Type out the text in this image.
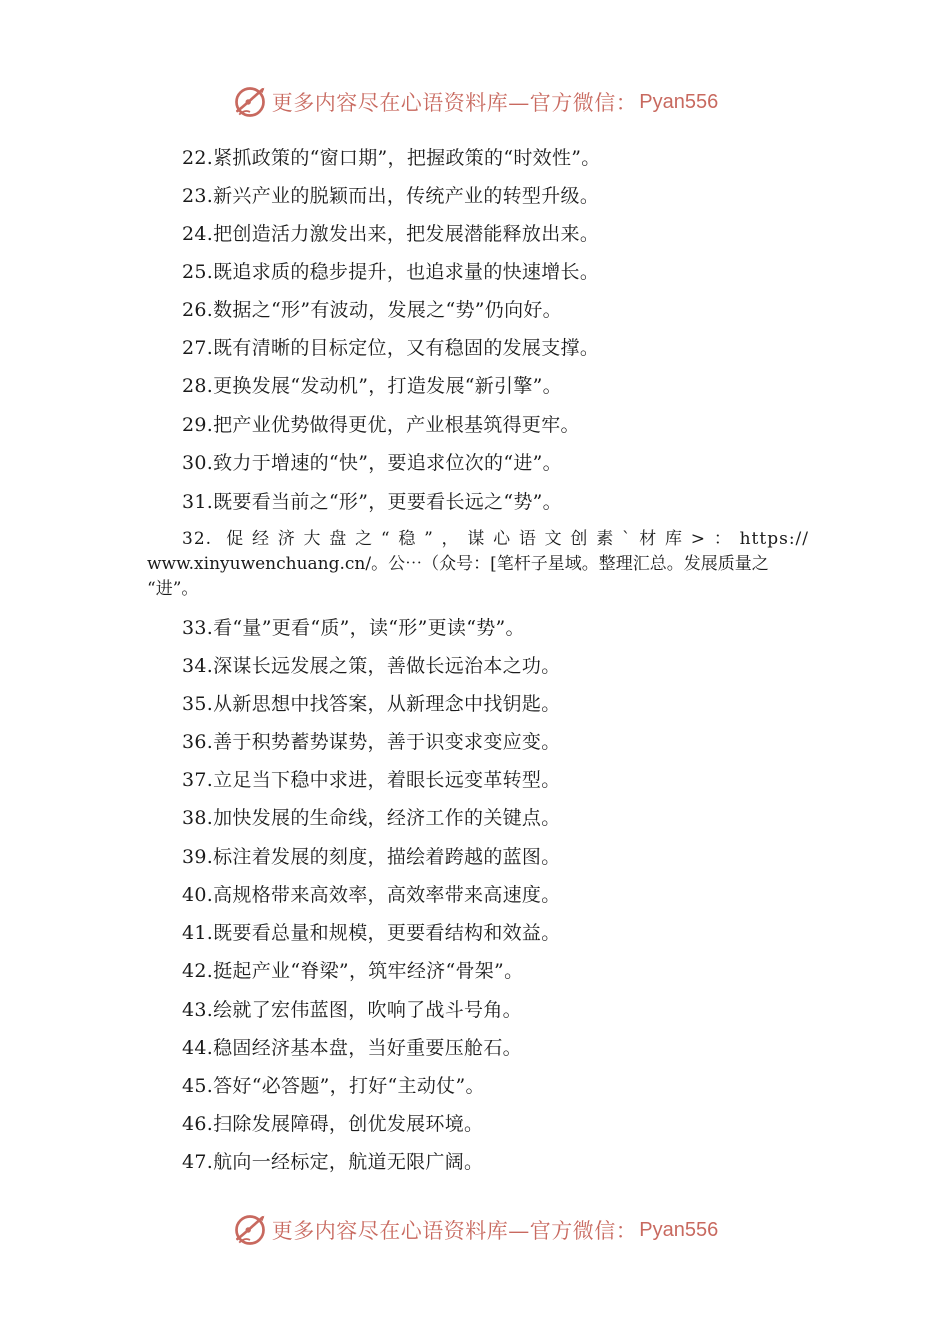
更多内容尽在心语资料库—官方微信： Pyan556
22.紧抓政策的“窗口期”，把握政策的“时效性”。
23.新兴产业的脱颖而出，传统产业的转型升级。
24.把创造活力激发出来，把发展潜能释放出来。
25.既追求质的稳步提升，也追求量的快速增长。
26.数据之“形”有波动，发展之“势”仍向好。
27.既有清晰的目标定位，又有稳固的发展支撑。
28.更换发展“发动机”，打造发展“新引擎”。
29.把产业优势做得更优，产业根基筑得更牢。
30.致力于增速的“快”，要追求位次的“进”。
31.既要看当前之“形”，更要看长远之“势”。
32. 促经济大盘之“稳”，谋心语文创素`材库>：https://
www.xinyuwenchuang.cn/。公⋯（众号：[笔杆子星域。整理汇总。发展质量之
“进”。
33.看“量”更看“质”，读“形”更读“势”。
34.深谋长远发展之策，善做长远治本之功。
35.从新思想中找答案，从新理念中找钥匙。
36.善于积势蓄势谋势，善于识变求变应变。
37.立足当下稳中求进，着眼长远变革转型。
38.加快发展的生命线，经济工作的关键点。
39.标注着发展的刻度，描绘着跨越的蓝图。
40.高规格带来高效率，高效率带来高速度。
41.既要看总量和规模，更要看结构和效益。
42.挺起产业“脊梁”，筑牢经济“骨架”。
43.绘就了宏伟蓝图，吹响了战斗号角。
44.稳固经济基本盘，当好重要压舱石。
45.答好“必答题”，打好“主动仗”。
46.扫除发展障碍，创优发展环境。
47.航向一经标定，航道无限广阔。
更多内容尽在心语资料库—官方微信： Pyan556
